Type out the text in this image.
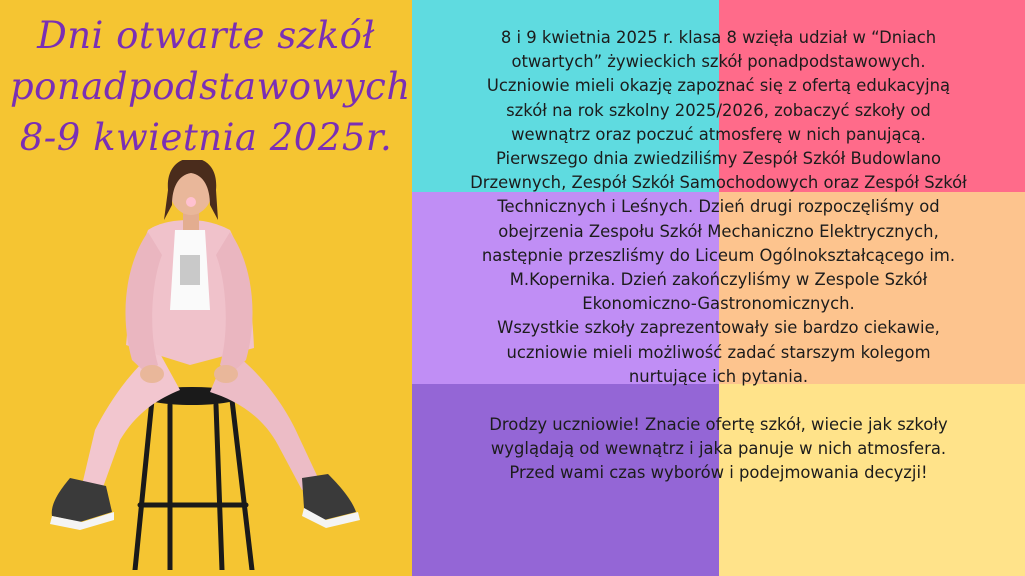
Dni otwarte szkół
ponadpodstawowych
8-9 kwietnia 2025r.
8 i 9 kwietnia 2025 r. klasa 8 wzięła udział w “Dniach
otwartych” żywieckich szkół ponadpodstawowych.
Uczniowie mieli okazję zapoznać się z ofertą edukacyjną
szkół na rok szkolny 2025/2026, zobaczyć szkoły od
wewnątrz oraz poczuć atmosferę w nich panującą.
Pierwszego dnia zwiedziliśmy Zespół Szkół Budowlano
Drzewnych, Zespół Szkół Samochodowych oraz Zespół Szkół
Technicznych i Leśnych. Dzień drugi rozpoczęliśmy od
obejrzenia Zespołu Szkół Mechaniczno Elektrycznych,
następnie przeszliśmy do Liceum Ogólnokształcącego im.
M.Kopernika. Dzień zakończyliśmy w Zespole Szkół
Ekonomiczno-Gastronomicznych.
Wszystkie szkoły zaprezentowały sie bardzo ciekawie,
uczniowie mieli możliwość zadać starszym kolegom
nurtujące ich pytania.
Drodzy uczniowie! Znacie ofertę szkół, wiecie jak szkoły
wyglądają od wewnątrz i jaka panuje w nich atmosfera.
Przed wami czas wyborów i podejmowania decyzji!
